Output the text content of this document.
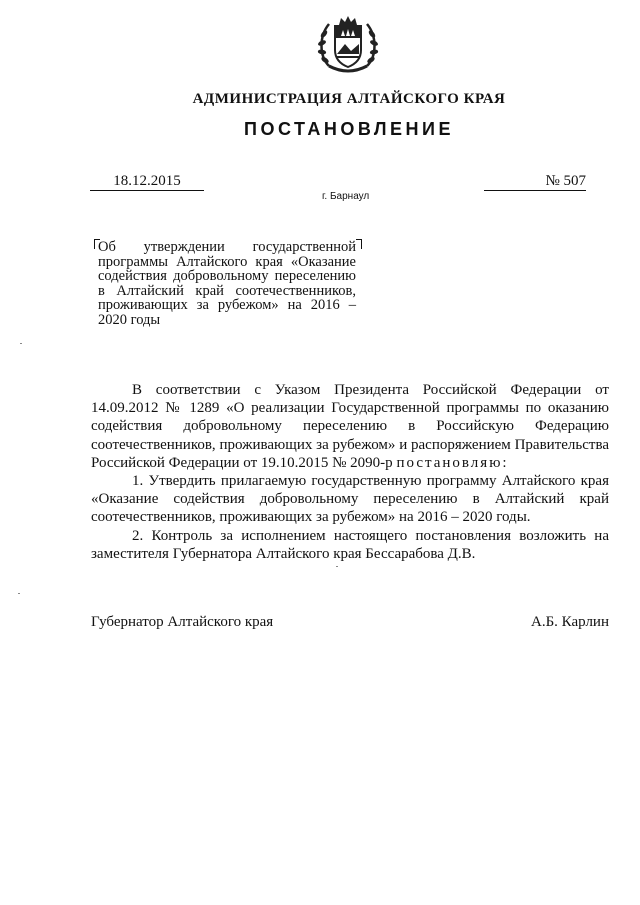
АДМИНИСТРАЦИЯ АЛТАЙСКОГО КРАЯ
ПОСТАНОВЛЕНИЕ
18.12.2015	№ 507
г. Барнаул
Об утверждении государственной программы Алтайского края «Оказание содействия добровольному переселению в Алтайский край соотечественников, проживающих за рубежом» на 2016 – 2020 годы

В соответствии с Указом Президента Российской Федерации от 14.09.2012 № 1289 «О реализации Государственной программы по оказанию содействия добровольному переселению в Российскую Федерацию соотечественников, проживающих за рубежом» и распоряжением Правительства Российской Федерации от 19.10.2015 № 2090-р постановляю:

1. Утвердить прилагаемую государственную программу Алтайского края «Оказание содействия добровольному переселению в Алтайский край соотечественников, проживающих за рубежом» на 2016 – 2020 годы.

2. Контроль за исполнением настоящего постановления возложить на заместителя Губернатора Алтайского края Бессарабова Д.В.

Губернатор Алтайского края	А.Б. Карлин
